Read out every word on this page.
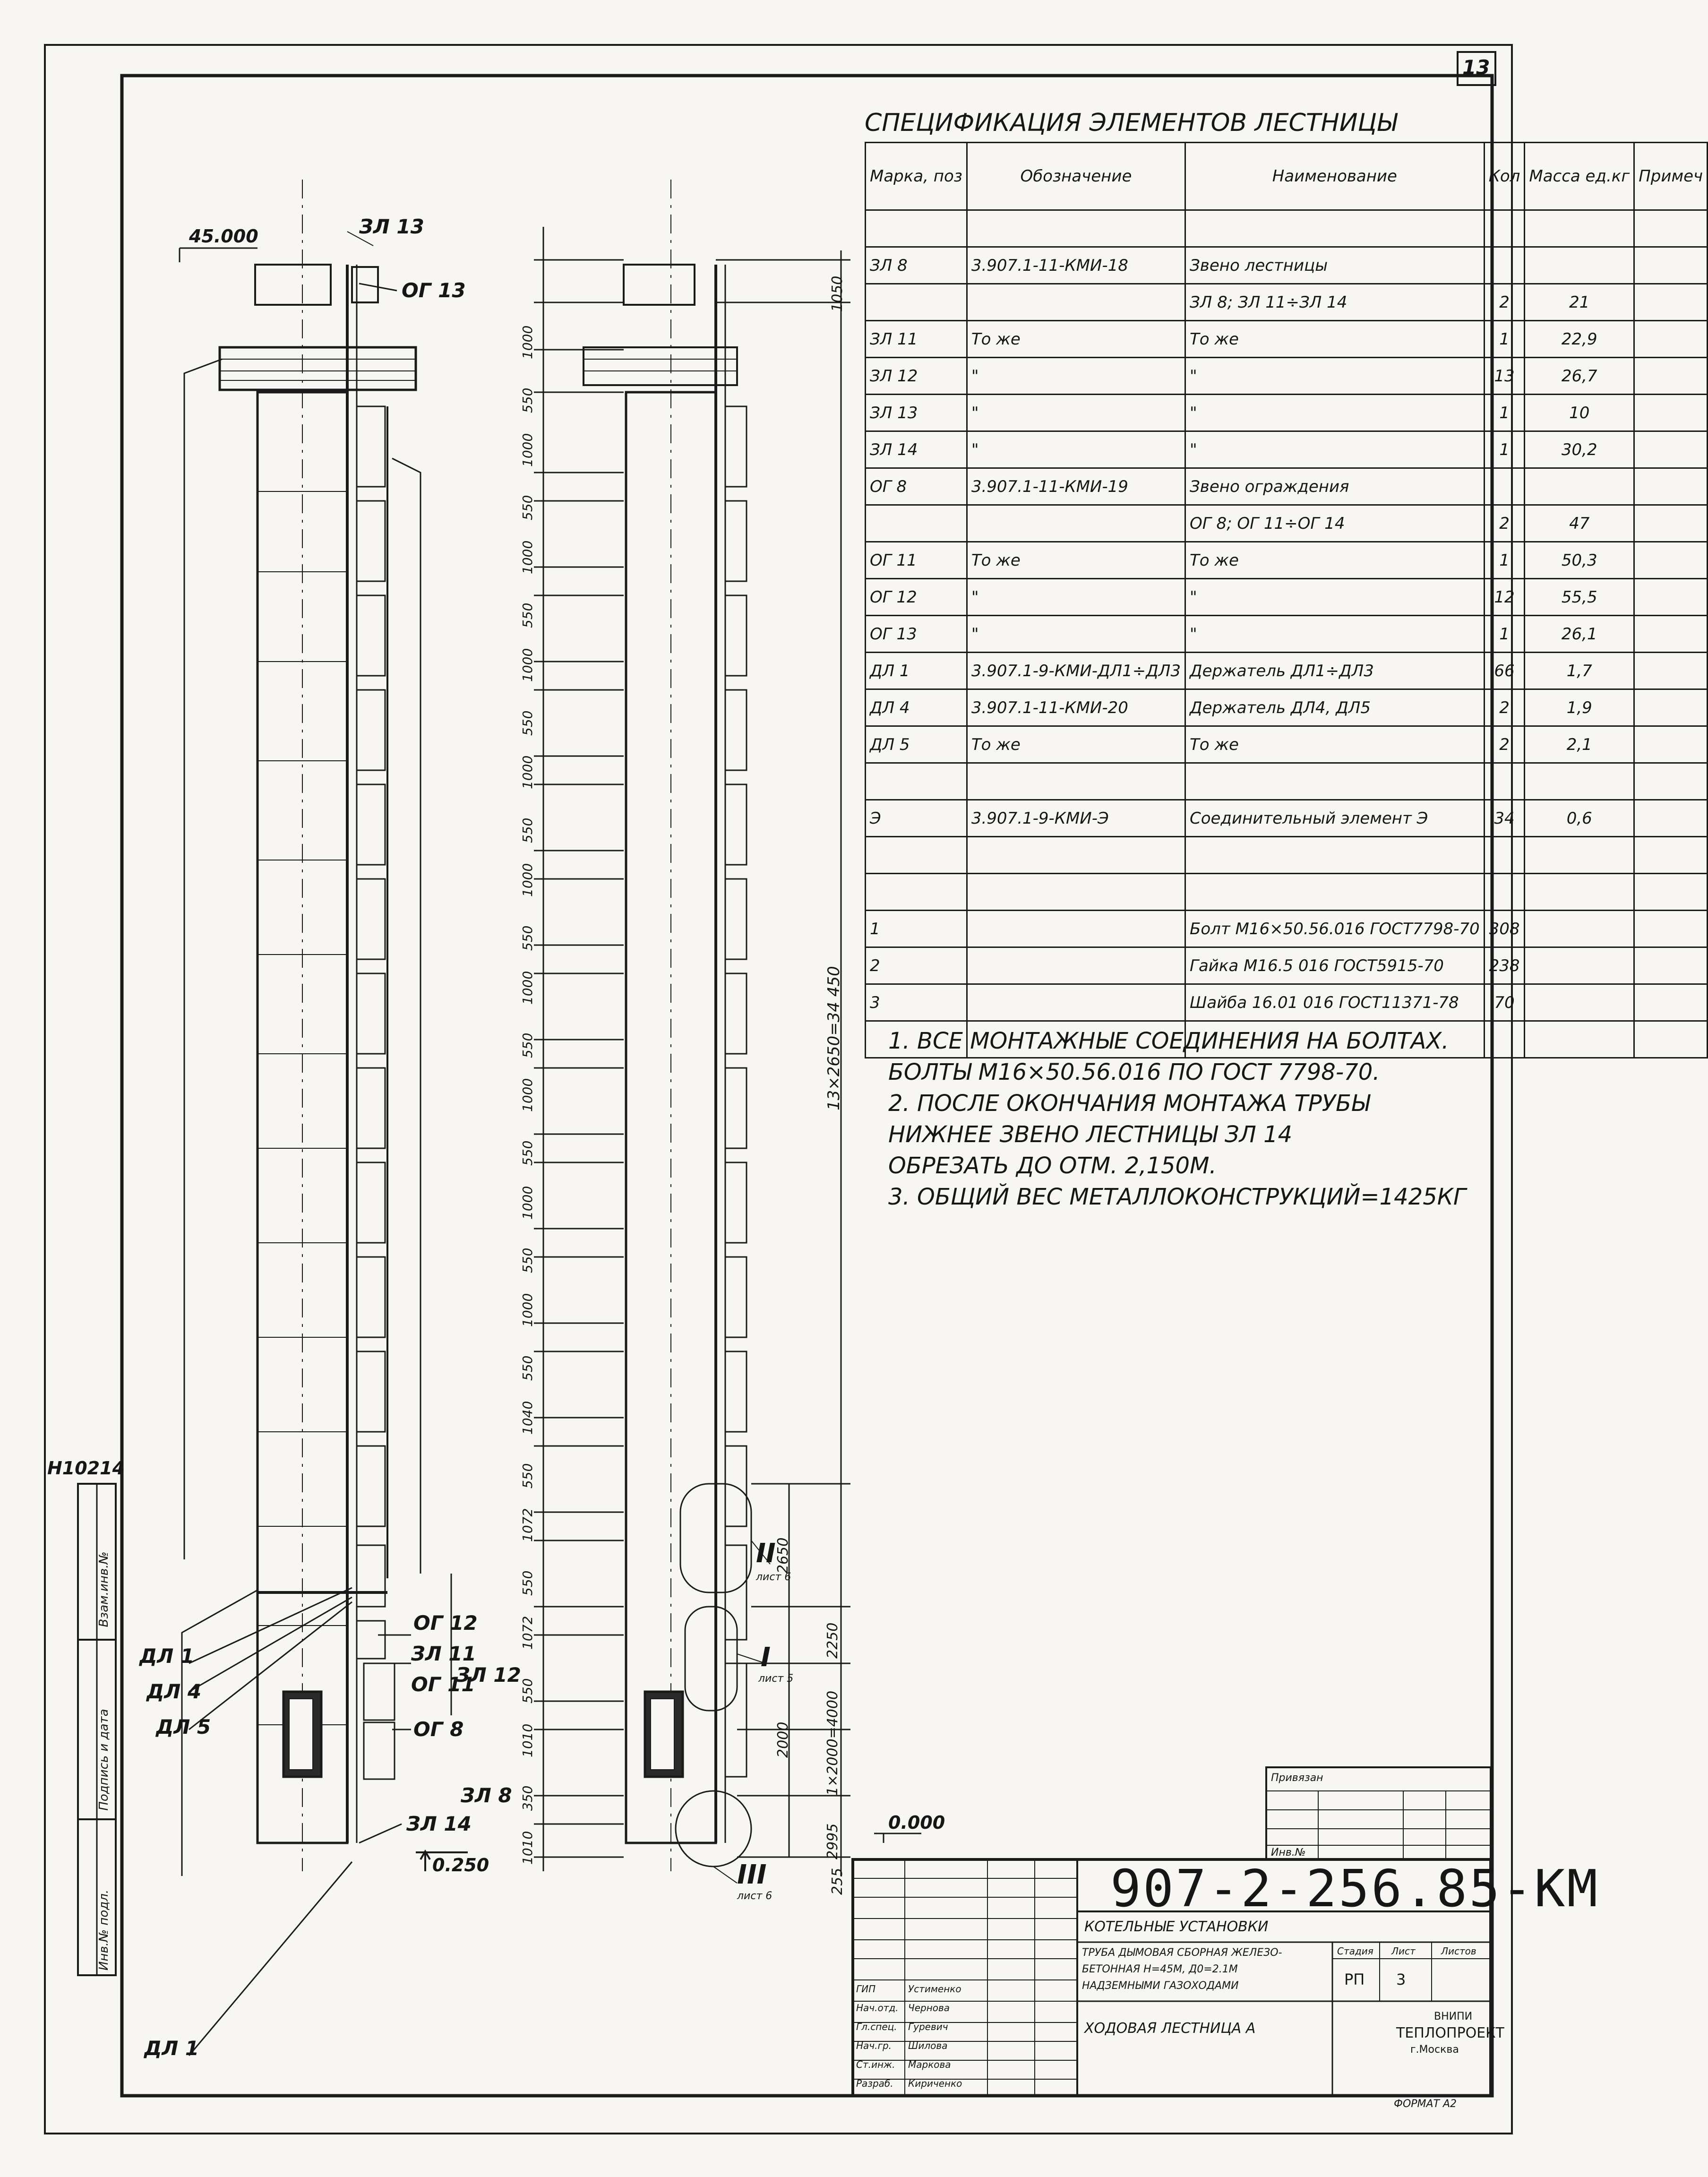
13
Н10214
Инв.№ подл. Подпись и дата Взам.инв.№
45.000
0.000
0.250
ЗЛ 13
ОГ 13
ДЛ 1
ДЛ 4
ДЛ 5
ОГ 12
ЗЛ 11
ОГ 11
ЗЛ 12
ОГ 8
ЗЛ 8
ЗЛ 14
ДЛ 1
II
лист 6
I
лист 5
III
лист 6
13×2650=34 450
1050
2650
2250
1×2000=4000
2000
2995
255
1000
550
1000
550
1000
550
1000
550
1000
550
1000
550
1000
550
1000
550
1000
550
1000
550
1040
550
1072
550
1072
550
1010
350
1010
СПЕЦИФИКАЦИЯ ЭЛЕМЕНТОВ ЛЕСТНИЦЫ
Марка, поз	Обозначение	Наименование	Кол	Масса ед.кг	Примеч

ЗЛ 8	3.907.1-11-КМИ-18	Звено лестницы			
		ЗЛ 8; ЗЛ 11÷ЗЛ 14	2	21	
ЗЛ 11	То же	То же	1	22,9	
ЗЛ 12	"	"	13	26,7	
ЗЛ 13	"	"	1	10	
ЗЛ 14	"	"	1	30,2	
ОГ 8	3.907.1-11-КМИ-19	Звено ограждения			
		ОГ 8; ОГ 11÷ОГ 14	2	47	
ОГ 11	То же	То же	1	50,3	
ОГ 12	"	"	12	55,5	
ОГ 13	"	"	1	26,1	
ДЛ 1	3.907.1-9-КМИ-ДЛ1÷ДЛ3	Держатель ДЛ1÷ДЛ3	66	1,7	
ДЛ 4	3.907.1-11-КМИ-20	Держатель ДЛ4, ДЛ5	2	1,9	
ДЛ 5	То же	То же	2	2,1	

Э	3.907.1-9-КМИ-Э	Соединительный элемент Э	34	0,6	

1		Болт М16×50.56.016 ГОСТ7798-70	308		
2		Гайка М16.5 016 ГОСТ5915-70	238		
3		Шайба 16.01 016 ГОСТ11371-78	70		

1. ВСЕ МОНТАЖНЫЕ СОЕДИНЕНИЯ НА БОЛТАХ.
БОЛТЫ М16×50.56.016 ПО ГОСТ 7798-70.
2. ПОСЛЕ ОКОНЧАНИЯ МОНТАЖА ТРУБЫ
НИЖНЕЕ ЗВЕНО ЛЕСТНИЦЫ ЗЛ 14
ОБРЕЗАТЬ ДО ОТМ. 2,150М.
3. ОБЩИЙ ВЕС МЕТАЛЛОКОНСТРУКЦИЙ=1425КГ
Привязан
Инв.№
907-2-256.85-КМ
КОТЕЛЬНЫЕ УСТАНОВКИ
ТРУБА ДЫМОВАЯ СБОРНАЯ ЖЕЛЕЗО-
БЕТОННАЯ Н=45М, Д0=2.1М
НАДЗЕМНЫМИ ГАЗОХОДАМИ
ХОДОВАЯ ЛЕСТНИЦА А
Стадия Лист	Листов
РП 3
ВНИПИ
ТЕПЛОПРОЕКТ
г.Москва
ФОРМАТ А2
ГИП	Устименко
Нач.отд. Чернова
Гл.спец. Гуревич
Нач.гр. Шилова
Ст.инж. Маркова
Разраб. Кириченко
